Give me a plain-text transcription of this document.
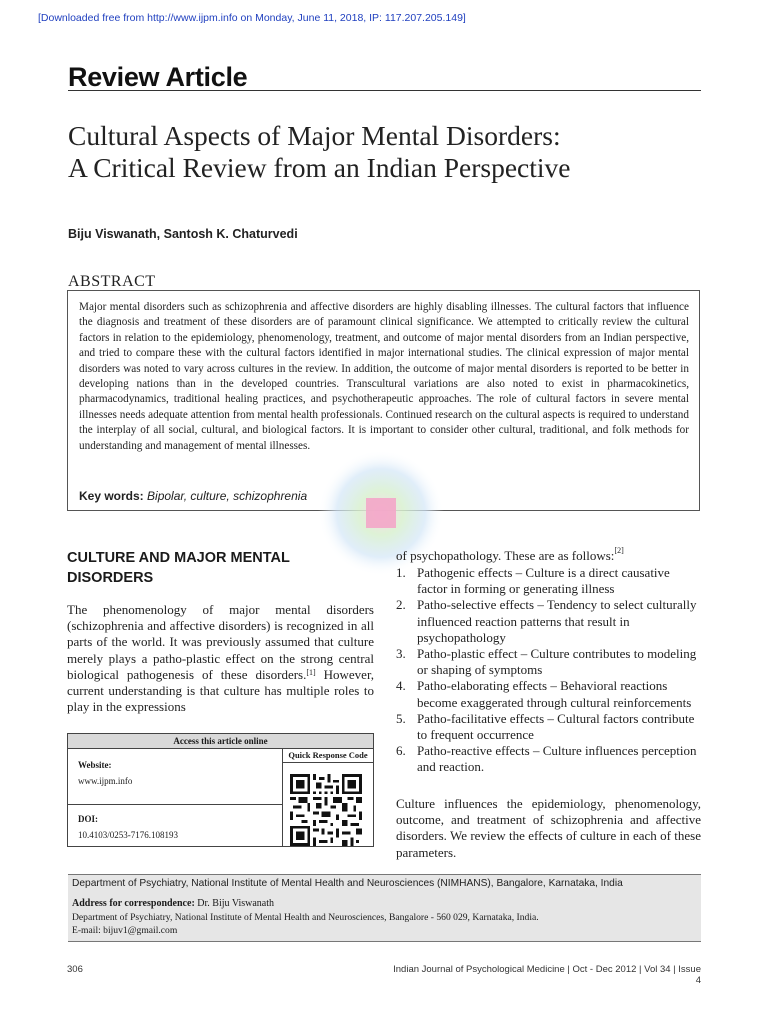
[Downloaded free from http://www.ijpm.info on Monday, June 11, 2018, IP: 117.207.205.149]
Review Article
Cultural Aspects of Major Mental Disorders:
A Critical Review from an Indian Perspective
Biju Viswanath, Santosh K. Chaturvedi
ABSTRACT
Major mental disorders such as schizophrenia and affective disorders are highly disabling illnesses. The cultural factors that influence the diagnosis and treatment of these disorders are of paramount clinical significance. We attempted to critically review the cultural factors in relation to the epidemiology, phenomenology, treatment, and outcome of major mental disorders from an Indian perspective, and tried to compare these with the cultural factors identified in major international studies. The clinical expression of major mental disorders was noted to vary across cultures in the review. In addition, the outcome of major mental disorders is reported to be better in developing nations than in the developed countries. Transcultural variations are also noted to exist in pharmacokinetics, pharmacodynamics, traditional healing practices, and psychotherapeutic approaches. The role of cultural factors in severe mental illnesses needs adequate attention from mental health professionals. Continued research on the cultural aspects is required to understand the interplay of all social, cultural, and biological factors. It is important to consider other cultural, traditional, and folk methods for understanding and management of mental illnesses.
Key words: Bipolar, culture, schizophrenia
CULTURE AND MAJOR MENTAL
DISORDERS
The phenomenology of major mental disorders (schizophrenia and affective disorders) is recognized in all parts of the world. It was previously assumed that culture merely plays a patho-plastic effect on the strong central biological pathogenesis of these disorders.[1] However, current understanding is that culture has multiple roles to play in the expressions
Access this article online
Quick Response Code
Website:
www.ijpm.info
DOI:
10.4103/0253-7176.108193
of psychopathology. These are as follows:[2]
1. Pathogenic effects – Culture is a direct causative factor in forming or generating illness
2. Patho-selective effects – Tendency to select culturally influenced reaction patterns that result in psychopathology
3. Patho-plastic effect – Culture contributes to modeling or shaping of symptoms
4. Patho-elaborating effects – Behavioral reactions become exaggerated through cultural reinforcements
5. Patho-facilitative effects – Cultural factors contribute to frequent occurrence
6. Patho-reactive effects – Culture influences perception and reaction.
Culture influences the epidemiology, phenomenology, outcome, and treatment of schizophrenia and affective disorders. We review the effects of culture in each of these parameters.
Department of Psychiatry, National Institute of Mental Health and Neurosciences (NIMHANS), Bangalore, Karnataka, India
Address for correspondence: Dr. Biju Viswanath
Department of Psychiatry, National Institute of Mental Health and Neurosciences, Bangalore - 560 029, Karnataka, India.
E-mail: bijuv1@gmail.com
306	Indian Journal of Psychological Medicine | Oct - Dec 2012 | Vol 34 | Issue 4
